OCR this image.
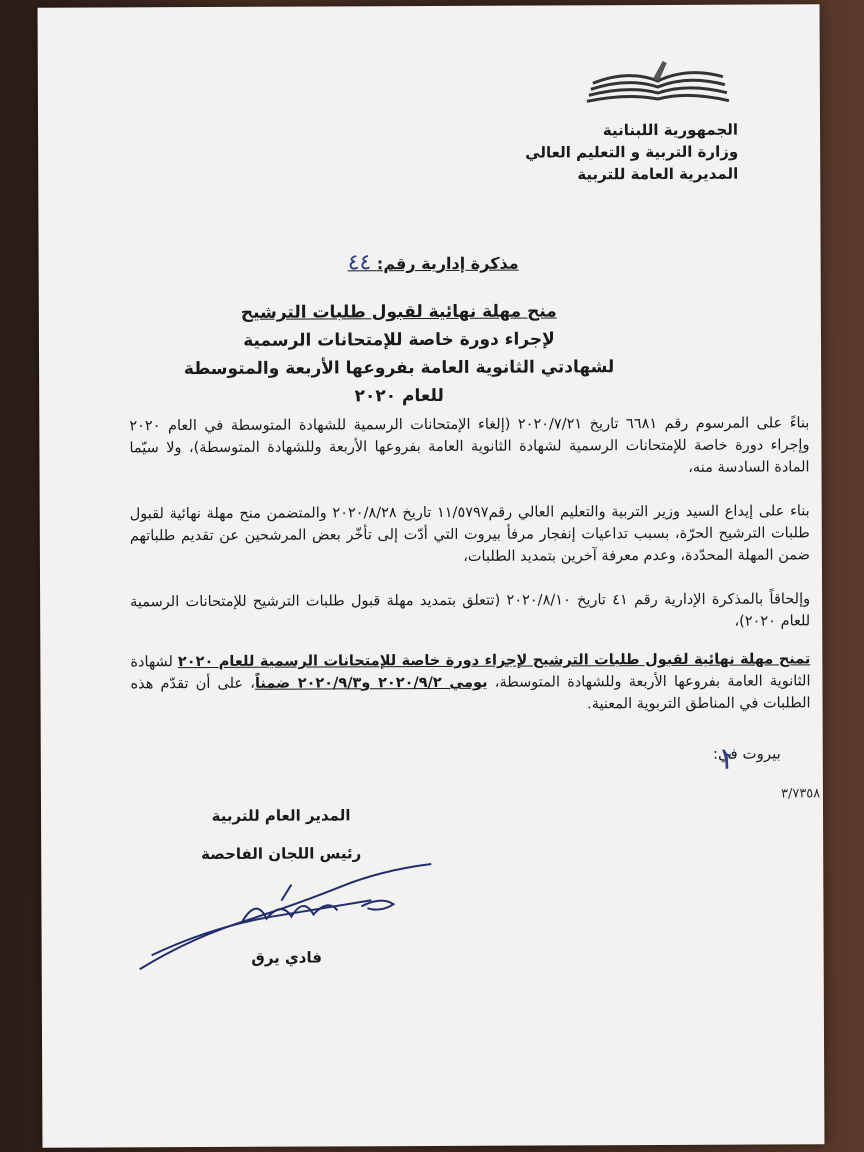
الجمهورية اللبنانية
وزارة التربية و التعليم العالي
المديرية العامة للتربية
مذكرة إدارية رقم: ٤٤
منح مهلة نهائية لقبول طلبات الترشيح
لإجراء دورة خاصة للإمتحانات الرسمية
لشهادتي الثانوية العامة بفروعها الأربعة والمتوسطة للعام ٢٠٢٠
بناءً على المرسوم رقم ٦٦٨١ تاريخ ٢٠٢٠/٧/٢١ (إلغاء الإمتحانات الرسمية للشهادة المتوسطة في العام ٢٠٢٠ وإجراء دورة خاصة للإمتحانات الرسمية لشهادة الثانوية العامة بفروعها الأربعة وللشهادة المتوسطة)، ولا سيّما المادة السادسة منه،
بناء على إيداع السيد وزير التربية والتعليم العالي رقم١١/٥٧٩٧ تاريخ ٢٠٢٠/٨/٢٨ والمتضمن منح مهلة نهائية لقبول طلبات الترشيح الحرّة، بسبب تداعيات إنفجار مرفأ بيروت التي أدّت إلى تأخّر بعض المرشحين عن تقديم طلباتهم ضمن المهلة المحدّدة، وعدم معرفة آخرين بتمديد الطلبات،
وإلحاقاً بالمذكرة الإدارية رقم ٤١ تاريخ ٢٠٢٠/٨/١٠ (تتعلق بتمديد مهلة قبول طلبات الترشيح للإمتحانات الرسمية للعام ٢٠٢٠)،
تمنح مهلة نهائية لقبول طلبات الترشيح لإجراء دورة خاصة للإمتحانات الرسمية للعام ٢٠٢٠ لشهادة الثانوية العامة بفروعها الأربعة وللشهادة المتوسطة، يومي ٢٠٢٠/٩/٢ و٢٠٢٠/٩/٣ ضمناً، على أن تقدّم هذه الطلبات في المناطق التربوية المعنية.
بيروت في:
٢٠٢٠/٨/٢٨
٣/٧٣٥٨
المدير العام للتربية
رئيس اللجان الفاحصة
فادي يرق
